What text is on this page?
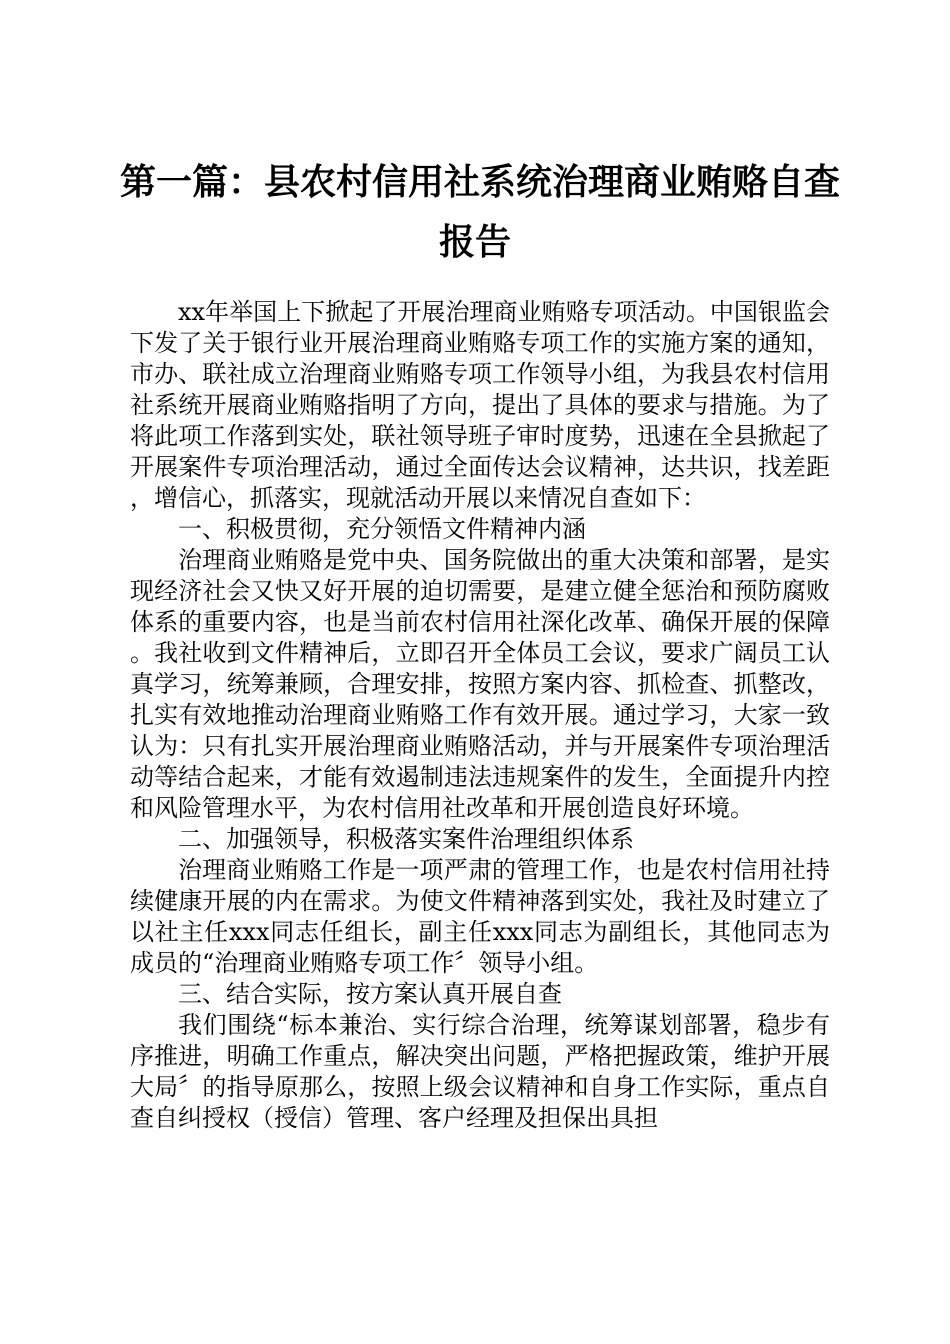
第一篇：县农村信用社系统治理商业贿赂自查
报告

xx年举国上下掀起了开展治理商业贿赂专项活动。中国银监会下发了关于银行业开展治理商业贿赂专项工作的实施方案的通知，市办、联社成立治理商业贿赂专项工作领导小组，为我县农村信用社系统开展商业贿赂指明了方向，提出了具体的要求与措施。为了将此项工作落到实处，联社领导班子审时度势，迅速在全县掀起了开展案件专项治理活动，通过全面传达会议精神，达共识，找差距，增信心，抓落实，现就活动开展以来情况自查如下：

一、积极贯彻，充分领悟文件精神内涵

治理商业贿赂是党中央、国务院做出的重大决策和部署，是实现经济社会又快又好开展的迫切需要，是建立健全惩治和预防腐败体系的重要内容，也是当前农村信用社深化改革、确保开展的保障。我社收到文件精神后，立即召开全体员工会议，要求广阔员工认真学习，统筹兼顾，合理安排，按照方案内容、抓检查、抓整改，扎实有效地推动治理商业贿赂工作有效开展。通过学习，大家一致认为：只有扎实开展治理商业贿赂活动，并与开展案件专项治理活动等结合起来，才能有效遏制违法违规案件的发生，全面提升内控和风险管理水平，为农村信用社改革和开展创造良好环境。

二、加强领导，积极落实案件治理组织体系

治理商业贿赂工作是一项严肃的管理工作，也是农村信用社持续健康开展的内在需求。为使文件精神落到实处，我社及时建立了以社主任xxx同志任组长，副主任xxx同志为副组长，其他同志为成员的“治理商业贿赂专项工作〞领导小组。

三、结合实际，按方案认真开展自查

我们围绕“标本兼治、实行综合治理，统筹谋划部署，稳步有序推进，明确工作重点，解决突出问题，严格把握政策，维护开展大局〞的指导原那么，按照上级会议精神和自身工作实际，重点自查自纠授权（授信）管理、客户经理及担保出具担
